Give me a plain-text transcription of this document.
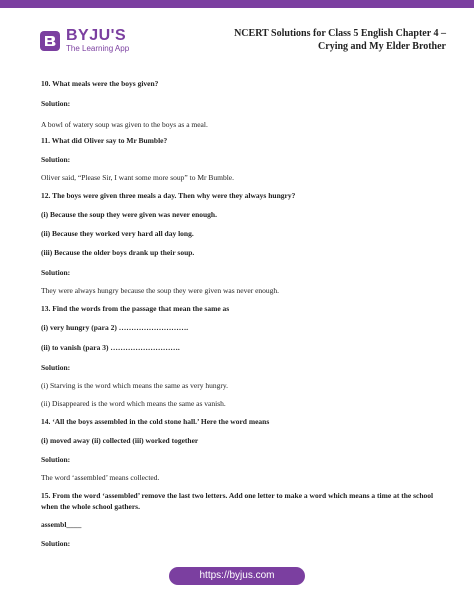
BYJU'S
The Learning App
NCERT Solutions for Class 5 English Chapter 4 –
Crying and My Elder Brother
10. What meals were the boys given?
Solution:
A bowl of watery soup was given to the boys as a meal.
11. What did Oliver say to Mr Bumble?
Solution:
Oliver said, “Please Sir, I want some more soup” to Mr Bumble.
12. The boys were given three meals a day. Then why were they always hungry?
(i) Because the soup they were given was never enough.
(ii) Because they worked very hard all day long.
(iii) Because the older boys drank up their soup.
Solution:
They were always hungry because the soup they were given was never enough.
13. Find the words from the passage that mean the same as
(i) very hungry (para 2) ……………………….
(ii) to vanish (para 3) ……………………….
Solution:
(i) Starving is the word which means the same as very hungry.
(ii) Disappeared is the word which means the same as vanish.
14. ‘All the boys assembled in the cold stone hall.’ Here the word means
(i) moved away (ii) collected (iii) worked together
Solution:
The word ‘assembled’ means collected.
15. From the word ‘assembled’ remove the last two letters. Add one letter to make a word which means a time at the school when the whole school gathers.
assembl____
Solution:
https://byjus.com
